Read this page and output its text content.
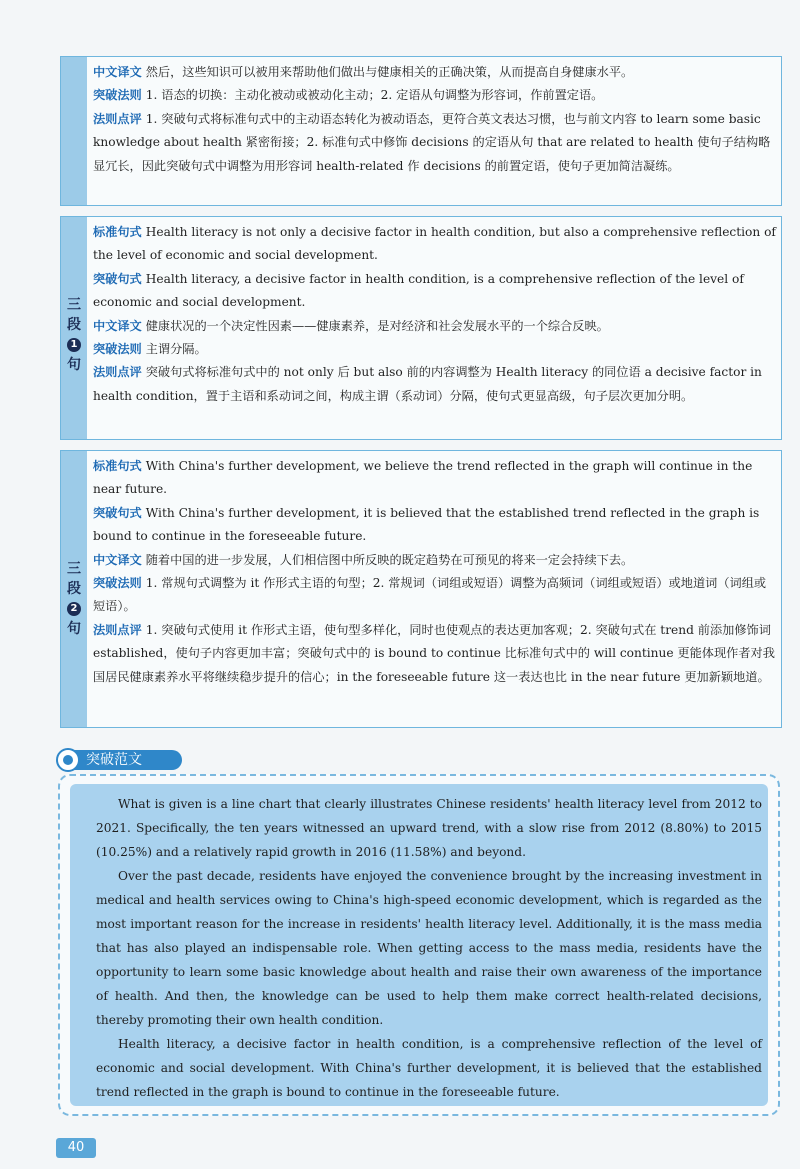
中文译文 然后，这些知识可以被用来帮助他们做出与健康相关的正确决策，从而提高自身健康水平。

突破法则 1. 语态的切换：主动化被动或被动化主动；2. 定语从句调整为形容词，作前置定语。

法则点评 1. 突破句式将标准句式中的主动语态转化为被动语态，更符合英文表达习惯，也与前文内容 to learn some basic knowledge about health 紧密衔接；2. 标准句式中修饰 decisions 的定语从句 that are related to health 使句子结构略显冗长，因此突破句式中调整为用形容词 health-related 作 decisions 的前置定语，使句子更加简洁凝练。

三
段
1
句

标准句式 Health literacy is not only a decisive factor in health condition, but also a comprehensive reflection of the level of economic and social development.

突破句式 Health literacy, a decisive factor in health condition, is a comprehensive reflection of the level of economic and social development.

中文译文 健康状况的一个决定性因素——健康素养，是对经济和社会发展水平的一个综合反映。

突破法则 主谓分隔。

法则点评 突破句式将标准句式中的 not only 后 but also 前的内容调整为 Health literacy 的同位语 a decisive factor in health condition，置于主语和系动词之间，构成主谓（系动词）分隔，使句式更显高级，句子层次更加分明。

三
段
2
句

标准句式 With China's further development, we believe the trend reflected in the graph will continue in the near future.

突破句式 With China's further development, it is believed that the established trend reflected in the graph is bound to continue in the foreseeable future.

中文译文 随着中国的进一步发展，人们相信图中所反映的既定趋势在可预见的将来一定会持续下去。

突破法则 1. 常规句式调整为 it 作形式主语的句型；2. 常规词（词组或短语）调整为高频词（词组或短语）或地道词（词组或短语）。

法则点评 1. 突破句式使用 it 作形式主语，使句型多样化，同时也使观点的表达更加客观；2. 突破句式在 trend 前添加修饰词 established，使句子内容更加丰富；突破句式中的 is bound to continue 比标准句式中的 will continue 更能体现作者对我国居民健康素养水平将继续稳步提升的信心；in the foreseeable future 这一表达也比 in the near future 更加新颖地道。

突破范文

What is given is a line chart that clearly illustrates Chinese residents' health literacy level from 2012 to 2021. Specifically, the ten years witnessed an upward trend, with a slow rise from 2012 (8.80%) to 2015 (10.25%) and a relatively rapid growth in 2016 (11.58%) and beyond.

Over the past decade, residents have enjoyed the convenience brought by the increasing investment in medical and health services owing to China's high-speed economic development, which is regarded as the most important reason for the increase in residents' health literacy level. Additionally, it is the mass media that has also played an indispensable role. When getting access to the mass media, residents have the opportunity to learn some basic knowledge about health and raise their own awareness of the importance of health. And then, the knowledge can be used to help them make correct health-related decisions, thereby promoting their own health condition.

Health literacy, a decisive factor in health condition, is a comprehensive reflection of the level of economic and social development. With China's further development, it is believed that the established trend reflected in the graph is bound to continue in the foreseeable future.

40
